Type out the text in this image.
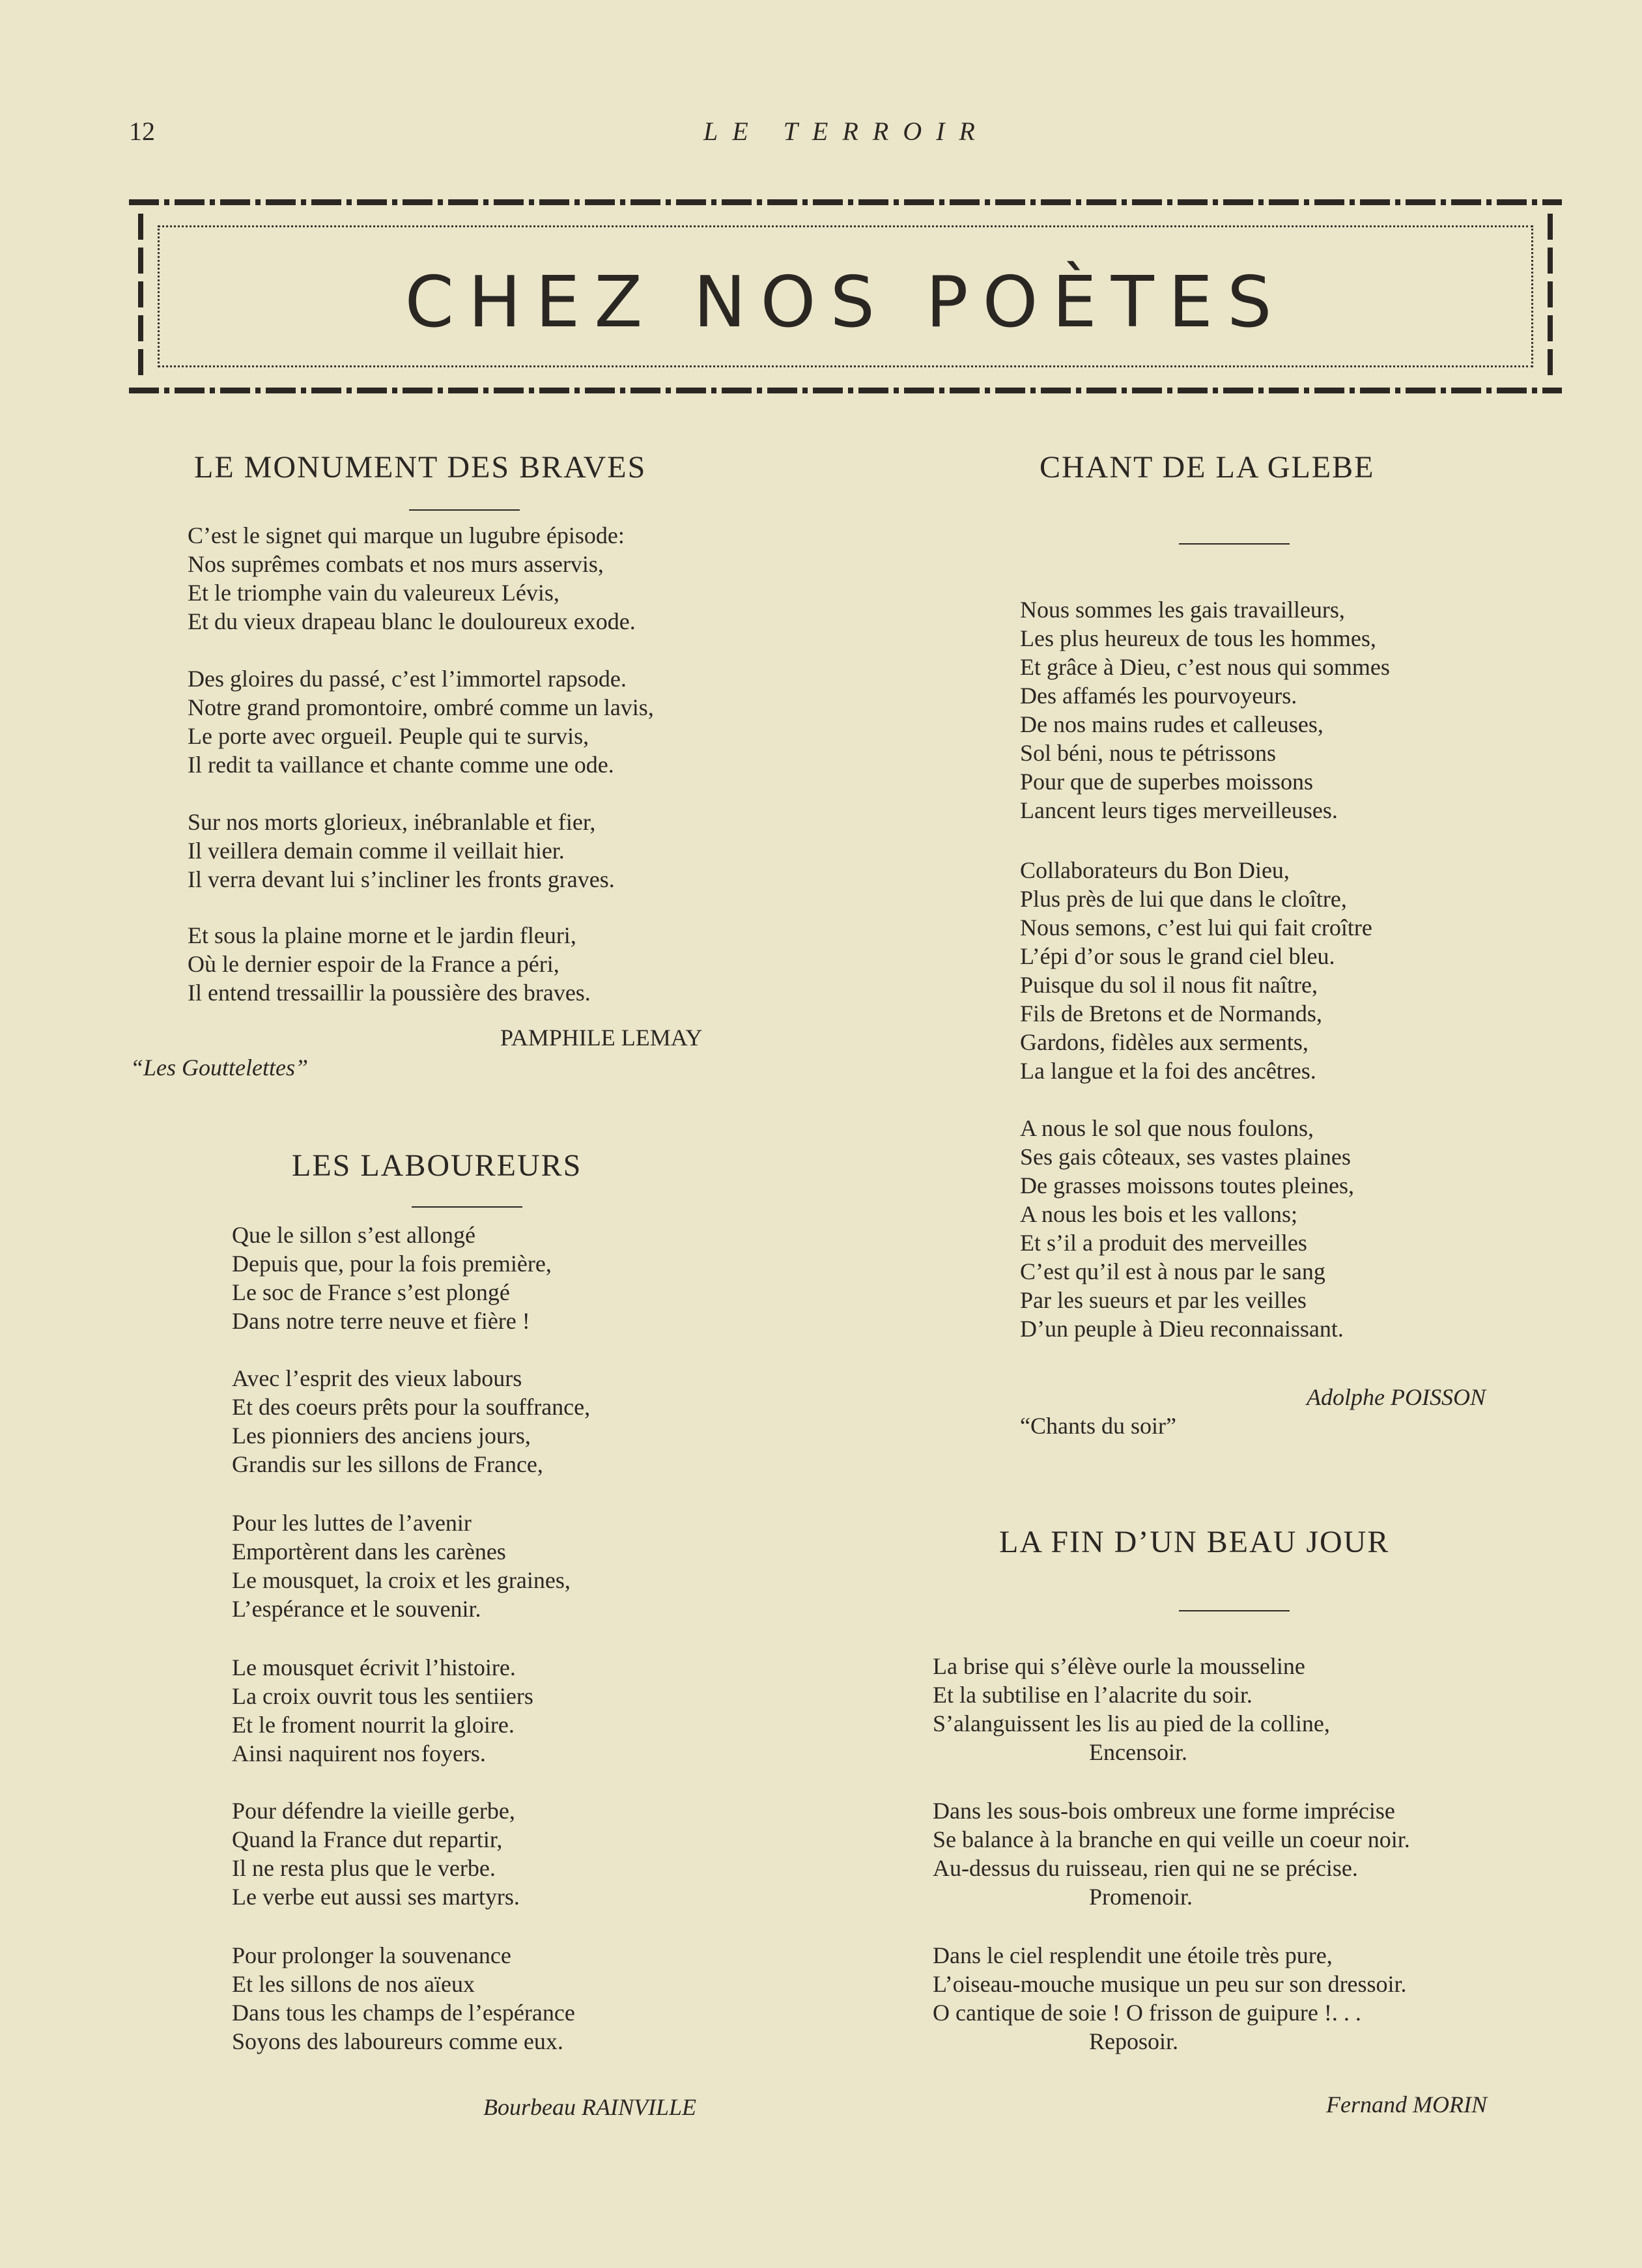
12	LE TERROIR
CHEZ NOS POÈTES
LE MONUMENT DES BRAVES
C’est le signet qui marque un lugubre épisode:
Nos suprêmes combats et nos murs asservis,
Et le triomphe vain du valeureux Lévis,
Et du vieux drapeau blanc le douloureux exode.
Des gloires du passé, c’est l’immortel rapsode.
Notre grand promontoire, ombré comme un lavis,
Le porte avec orgueil. Peuple qui te survis,
Il redit ta vaillance et chante comme une ode.
Sur nos morts glorieux, inébranlable et fier,
Il veillera demain comme il veillait hier.
Il verra devant lui s’incliner les fronts graves.
Et sous la plaine morne et le jardin fleuri,
Où le dernier espoir de la France a péri,
Il entend tressaillir la poussière des braves.
PAMPHILE LEMAY
“Les Gouttelettes”
LES LABOUREURS
Que le sillon s’est allongé
Depuis que, pour la fois première,
Le soc de France s’est plongé
Dans notre terre neuve et fière !
Avec l’esprit des vieux labours
Et des coeurs prêts pour la souffrance,
Les pionniers des anciens jours,
Grandis sur les sillons de France,
Pour les luttes de l’avenir
Emportèrent dans les carènes
Le mousquet, la croix et les graines,
L’espérance et le souvenir.
Le mousquet écrivit l’histoire.
La croix ouvrit tous les sentiiers
Et le froment nourrit la gloire.
Ainsi naquirent nos foyers.
Pour défendre la vieille gerbe,
Quand la France dut repartir,
Il ne resta plus que le verbe.
Le verbe eut aussi ses martyrs.
Pour prolonger la souvenance
Et les sillons de nos aïeux
Dans tous les champs de l’espérance
Soyons des laboureurs comme eux.
Bourbeau RAINVILLE
CHANT DE LA GLEBE
Nous sommes les gais travailleurs,
Les plus heureux de tous les hommes,
Et grâce à Dieu, c’est nous qui sommes
Des affamés les pourvoyeurs.
De nos mains rudes et calleuses,
Sol béni, nous te pétrissons
Pour que de superbes moissons
Lancent leurs tiges merveilleuses.
Collaborateurs du Bon Dieu,
Plus près de lui que dans le cloître,
Nous semons, c’est lui qui fait croître
L’épi d’or sous le grand ciel bleu.
Puisque du sol il nous fit naître,
Fils de Bretons et de Normands,
Gardons, fidèles aux serments,
La langue et la foi des ancêtres.
A nous le sol que nous foulons,
Ses gais côteaux, ses vastes plaines
De grasses moissons toutes pleines,
A nous les bois et les vallons;
Et s’il a produit des merveilles
C’est qu’il est à nous par le sang
Par les sueurs et par les veilles
D’un peuple à Dieu reconnaissant.
Adolphe POISSON
“Chants du soir”
LA FIN D’UN BEAU JOUR
La brise qui s’élève ourle la mousseline
Et la subtilise en l’alacrite du soir.
S’alanguissent les lis au pied de la colline,
Encensoir.
Dans les sous-bois ombreux une forme imprécise
Se balance à la branche en qui veille un coeur noir.
Au-dessus du ruisseau, rien qui ne se précise.
Promenoir.
Dans le ciel resplendit une étoile très pure,
L’oiseau-mouche musique un peu sur son dressoir.
O cantique de soie ! O frisson de guipure !. . .
Reposoir.
Fernand MORIN
